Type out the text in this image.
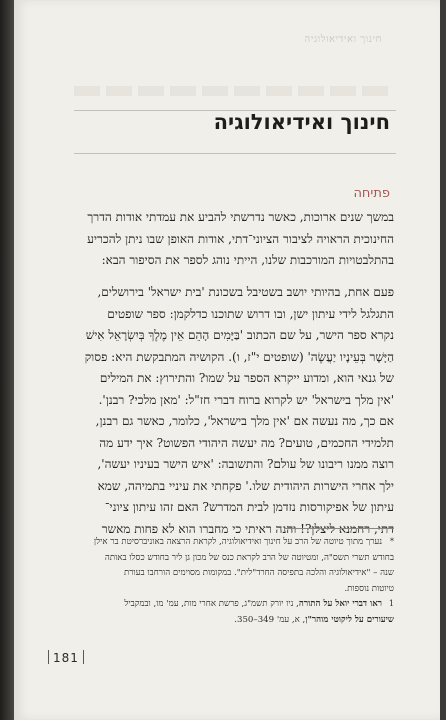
חינוך ואידיאולוגיה
חינוך ואידיאולוגיה
פתיחה
במשך שנים ארוכות, כאשר נדרשתי להביע את עמדתי אודות הדרך
החינוכית הראויה לציבור הציוני־דתי, אודות האופן שבו ניתן להכריע
בהתלבטויות המורכבות שלנו, הייתי נוהג לספר את הסיפור הבא:
פעם אחת, בהיותי יושב בשטיבל בשכונת 'בית ישראל' בירושלים,
התגלגל לידי עיתון ישן, ובו דרוש שתוכנו כדלקמן: ספר שופטים
נקרא ספר הישר, על שם הכתוב 'בַּיָּמִים הָהֵם אֵין מֶלֶךְ בְּיִשְׂרָאֵל אִישׁ
הַיָּשָׁר בְּעֵינָיו יַעֲשֶׂה' (שופטים י"ז, ו). הקושיה המתבקשת היא: פסוק
של גנאי הוא, ומדוע ייקרא הספר על שמו? והתירוץ: את המילים
'אין מלך בישראל' יש לקרוא ברוח דברי חז"ל: 'מאן מלכי? רבנן'.
אם כך, מה נעשה אם 'אין מלך בישראל', כלומר, כאשר גם רבנן,
תלמידי החכמים, טועים? מה יעשה היהודי הפשוט? איך ידע מה
רוצה ממנו ריבונו של עולם? והתשובה: 'איש הישר בעיניו יעשה',
ילך אחרי הישרות היהודית שלו.' פקחתי את עיניי בתמיהה, שמא
עיתון של אפיקורסות נזדמן לבית המדרש? האם זהו עיתון ציוני־
דתי, רחמנא ליצלן?! והנה ראיתי כי מחברו הוא לא פחות מאשר
*נערך מתוך טיוטה של הרב על חינוך ואידיאולוגיה, לקראת הרצאה באוניברסיטת בר אילן
בחודש תשרי תשס"ה, ומטיוטה של הרב לקראת כנס של מכון גן ליר בחודש כסלו באותה
שנה – "אידיאולוגיה והלכה בתפיסה החרד"לית". במקומות מסוימים הורחבו בעורת
טיוטות נוספות.
1ראו דברי יואל על התורה, ניו יורק תשמ"ג, פרשת אחרי מות, עמ' מו, ובמקביל
שיעורים על ליקוטי מוהר"ן, א, עמ' 349–350.
181
